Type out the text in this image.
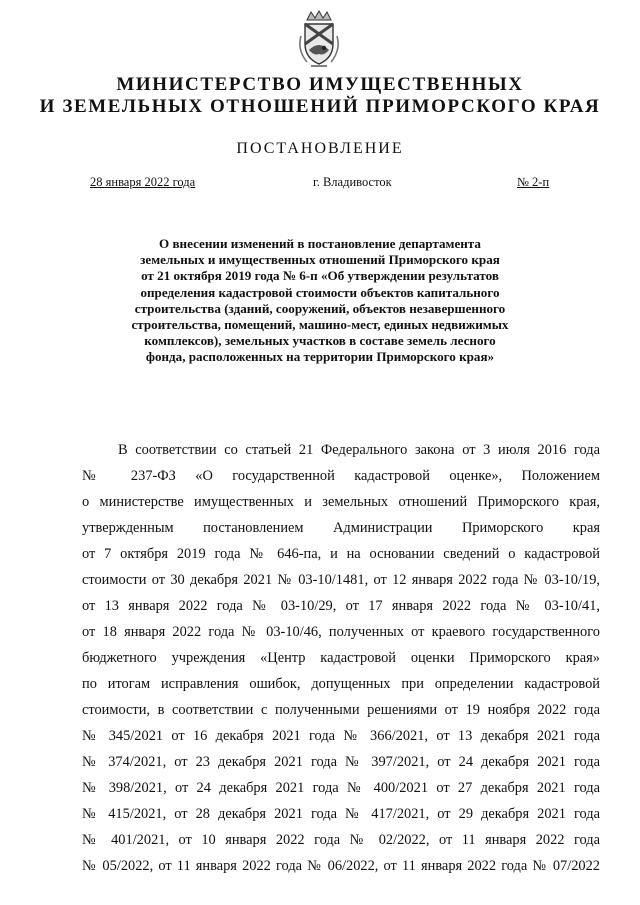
МИНИСТЕРСТВО ИМУЩЕСТВЕННЫХ
И ЗЕМЕЛЬНЫХ ОТНОШЕНИЙ ПРИМОРСКОГО КРАЯ
ПОСТАНОВЛЕНИЕ
28 января 2022 года	г. Владивосток	№ 2-п
О внесении изменений в постановление департамента
земельных и имущественных отношений Приморского края
от 21 октября 2019 года № 6-п «Об утверждении результатов
определения кадастровой стоимости объектов капитального
строительства (зданий, сооружений, объектов незавершенного
строительства, помещений, машино-мест, единых недвижимых
комплексов), земельных участков в составе земель лесного
фонда, расположенных на территории Приморского края»
В соответствии со статьей 21 Федерального закона от 3 июля 2016 года
№ 237-ФЗ «О государственной кадастровой оценке», Положением
о министерстве имущественных и земельных отношений Приморского края,
утвержденным постановлением Администрации Приморского края
от 7 октября 2019 года № 646-па, и на основании сведений о кадастровой
стоимости от 30 декабря 2021 № 03-10/1481, от 12 января 2022 года № 03-10/19,
от 13 января 2022 года № 03-10/29, от 17 января 2022 года № 03-10/41,
от 18 января 2022 года № 03-10/46, полученных от краевого государственного
бюджетного учреждения «Центр кадастровой оценки Приморского края»
по итогам исправления ошибок, допущенных при определении кадастровой
стоимости, в соответствии с полученными решениями от 19 ноября 2022 года
№ 345/2021 от 16 декабря 2021 года № 366/2021, от 13 декабря 2021 года
№ 374/2021, от 23 декабря 2021 года № 397/2021, от 24 декабря 2021 года
№ 398/2021, от 24 декабря 2021 года № 400/2021 от 27 декабря 2021 года
№ 415/2021, от 28 декабря 2021 года № 417/2021, от 29 декабря 2021 года
№ 401/2021, от 10 января 2022 года № 02/2022, от 11 января 2022 года
№ 05/2022, от 11 января 2022 года № 06/2022, от 11 января 2022 года № 07/2022
